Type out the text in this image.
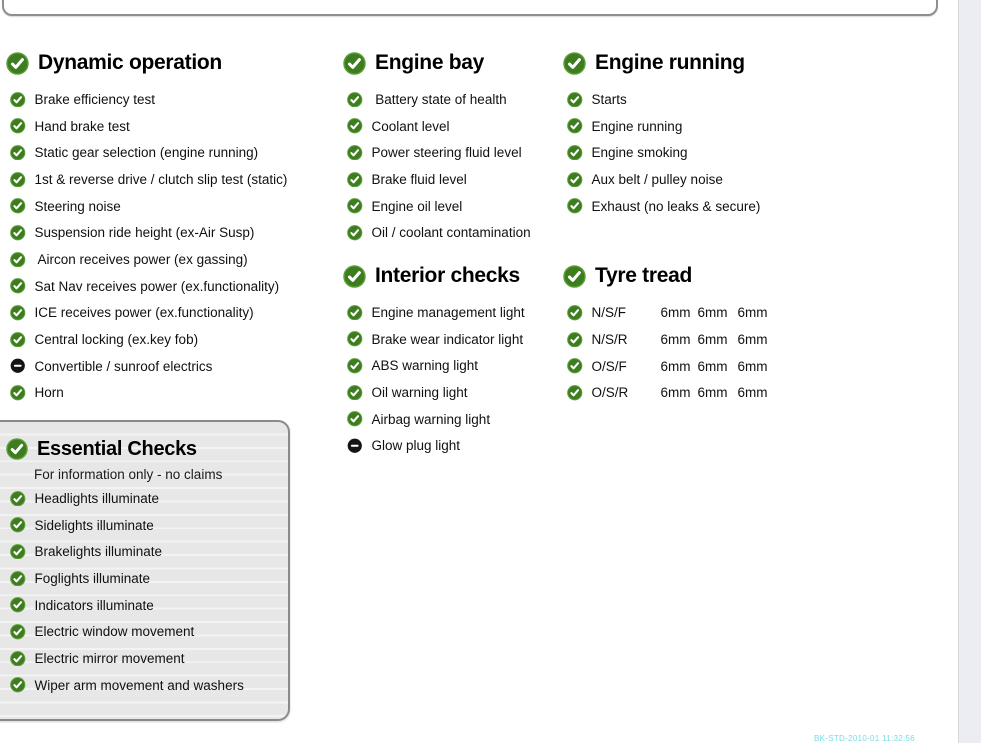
Dynamic operation
Brake efficiency test
Hand brake test
Static gear selection (engine running)
1st & reverse drive / clutch slip test (static)
Steering noise
Suspension ride height (ex-Air Susp)
Aircon receives power (ex gassing)
Sat Nav receives power (ex.functionality)
ICE receives power (ex.functionality)
Central locking (ex.key fob)
Convertible / sunroof electrics
Horn
Engine bay
Battery state of health
Coolant level
Power steering fluid level
Brake fluid level
Engine oil level
Oil / coolant contamination
Interior checks
Engine management light
Brake wear indicator light
ABS warning light
Oil warning light
Airbag warning light
Glow plug light
Engine running
Starts
Engine running
Engine smoking
Aux belt / pulley noise
Exhaust (no leaks & secure)
Tyre tread
N/S/F	6mm 6mm 6mm
N/S/R	6mm 6mm 6mm
O/S/F	6mm 6mm 6mm
O/S/R	6mm 6mm 6mm
Essential Checks
For information only - no claims
Headlights illuminate
Sidelights illuminate
Brakelights illuminate
Foglights illuminate
Indicators illuminate
Electric window movement
Electric mirror movement
Wiper arm movement and washers
BK-STD-2010-01 11:32:56
